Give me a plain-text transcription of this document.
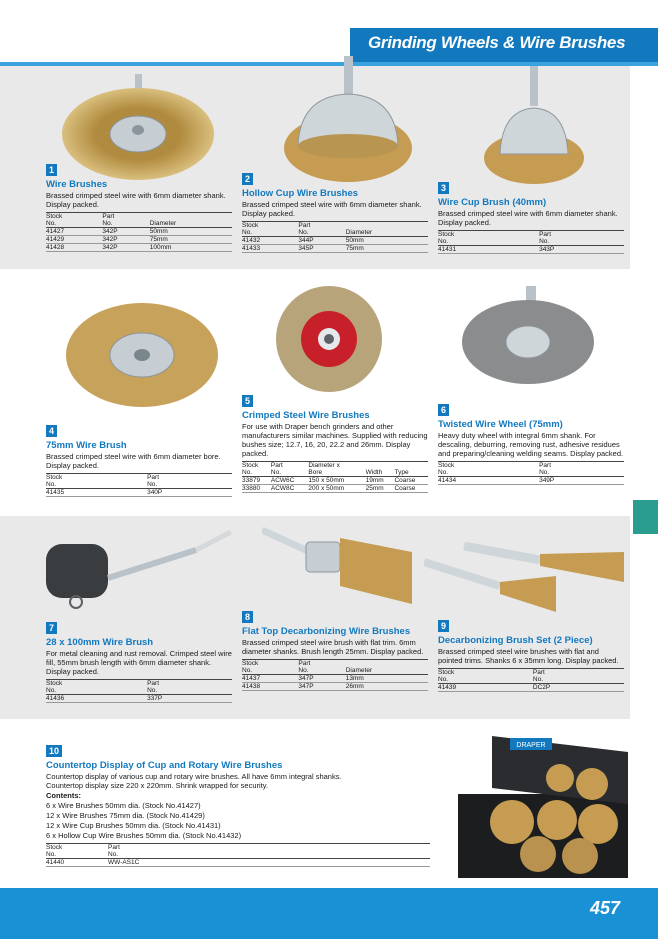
Grinding Wheels & Wire Brushes
DRAPER
1
Wire Brushes
Brassed crimped steel wire with 6mm diameter shank. Display packed.
Stock
No.	Part
No.	Diameter

41427	342P	50mm
41429	342P	75mm
41428	342P	100mm
2
Hollow Cup Wire Brushes
Brassed crimped steel wire with 6mm diameter shank. Display packed.
Stock
No.	Part
No.	Diameter

41432	344P	50mm
41433	345P	75mm
3
Wire Cup Brush (40mm)
Brassed crimped steel wire with 6mm diameter shank. Display packed.
Stock
No.	Part
No.
41431	343P
4
75mm Wire Brush
Brassed crimped steel wire with 6mm diameter bore. Display packed.
Stock
No.	Part
No.
41435	340P
5
Crimped Steel Wire Brushes
For use with Draper bench grinders and other manufacturers similar machines. Supplied with reducing bushes size; 12.7, 16, 20, 22.2 and 26mm. Display packed.
Stock
No.	Part
No.	Diameter x
Bore	Width	Type

33879	ACW6C	150 x 50mm	19mm	Coarse
33880	ACW8C	200 x 50mm	25mm	Coarse
6
Twisted Wire Wheel (75mm)
Heavy duty wheel with integral 6mm shank. For descaling, deburring, removing rust, adhesive residues and preparing/cleaning welding seams. Display packed.
Stock
No.	Part
No.
41434	349P
7
28 x 100mm Wire Brush
For metal cleaning and rust removal. Crimped steel wire fill, 55mm brush length with 6mm diameter shank. Display packed.
Stock
No.	Part
No.
41436	337P
8
Flat Top Decarbonizing Wire Brushes
Brassed crimped steel wire brush with flat trim. 6mm diameter shanks. Brush length 25mm. Display packed.
Stock
No.	Part
No.	Diameter

41437	347P	13mm
41438	347P	26mm
9
Decarbonizing Brush Set (2 Piece)
Brassed crimped steel wire brushes with flat and pointed trims. Shanks 6 x 35mm long. Display packed.
Stock
No.	Part
No.
41439	DC2P
10
Countertop Display of Cup and Rotary Wire Brushes
Countertop display of various cup and rotary wire brushes. All have 6mm integral shanks. Countertop display size 220 x 220mm. Shrink wrapped for security.
Contents:
6 x Wire Brushes 50mm dia. (Stock No.41427)
12 x Wire Brushes 75mm dia. (Stock No.41429)
12 x Wire Cup Brushes 50mm dia. (Stock No.41431)
6 x Hollow Cup Wire Brushes 50mm dia. (Stock No.41432)
Stock
No.	Part
No.
41440	WW-AS1C
457
